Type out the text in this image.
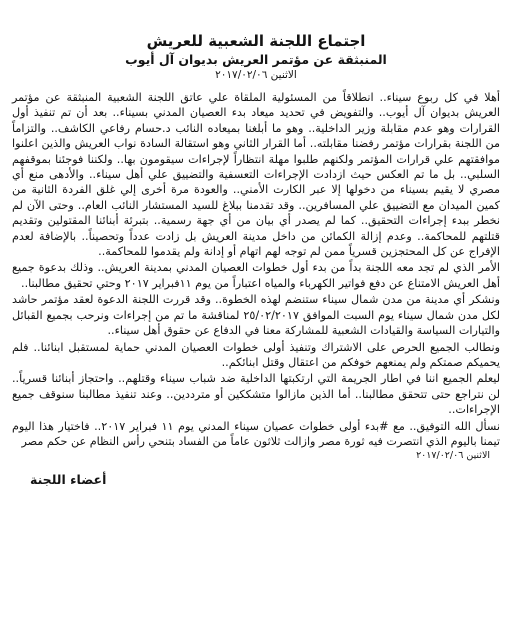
اجتماع اللجنة الشعبية للعريش

المنبثقة عن مؤتمر العريش بديوان آل أيوب

الاثنين ٢٠١٧/٠٢/٠٦

أهلا في كل ربوع سيناء.. انطلاقاً من المسئولية الملقاة علي عاتق اللجنة الشعبية المنبثقة عن مؤتمر العريش بديوان آل أيوب.. والتفويض في تحديد ميعاد بدء العصيان المدني بسيناء.. بعد أن تم تنفيذ أول القرارات وهو عدم مقابلة وزير الداخلية.. وهو ما أبلغنا بميعاده النائب د.حسام رفاعي الكاشف.. والتزاماً من اللجنة بقرارات مؤتمر رفضنا مقابلته.. أما القرار الثاني وهو استقالة السادة نواب العريش والذين اعلنوا موافقتهم علي قرارات المؤتمر ولكنهم طلبوا مهلة انتظاراً لإجراءات سيقومون بها.. ولكننا فوجئنا بموقفهم السلبي.. بل ما تم العكس حيث ازدادت الإجراءات التعسفية والتضييق علي أهل سيناء.. والأدهى منع أي مصري لا يقيم بسيناء من دخولها إلا عبر الكارت الأمني.. والعودة مرة أخرى إلي غلق الفردة الثانية من كمين الميدان مع التضييق علي المسافرين.. وقد تقدمنا ببلاغ للسيد المستشار النائب العام.. وحتى الآن لم نخطر ببدء إجراءات التحقيق.. كما لم يصدر أي بيان من أي جهة رسمية.. بتبرئة أبنائنا المقتولين وتقديم قتلتهم للمحاكمة.. وعدم إزالة الكمائن من داخل مدينة العريش بل زادت عدداً وتحصيناً.. بالإضافة لعدم الإفراج عن كل المحتجزين قسرياً ممن لم توجه لهم اتهام أو إدانة ولم يقدموا للمحاكمة..

الأمر الذي لم تجد معه اللجنة بداً من بدء أول خطوات العصيان المدني بمدينة العريش.. وذلك بدعوة جميع أهل العريش الامتناع عن دفع فواتير الكهرباء والمياه اعتباراً من يوم ١١فبراير ٢٠١٧ وحتي تحقيق مطالبنا..

ونشكر أي مدينة من مدن شمال سيناء ستنضم لهذه الخطوة.. وقد قررت اللجنة الدعوة لعقد مؤتمر حاشد لكل مدن شمال سيناء يوم السبت الموافق ٢٥/٠٢/٢٠١٧ لمناقشة ما تم من إجراءات ونرحب بجميع القبائل والتيارات السياسة والقيادات الشعبية للمشاركة معنا في الدفاع عن حقوق أهل سيناء..

ونطالب الجميع الحرص على الاشتراك وتنفيذ أولى خطوات العصيان المدني حماية لمستقبل ابنائنا.. فلم يحميكم صمتكم ولم يمنعهم خوفكم من اعتقال وقتل ابنائكم..

ليعلم الجميع اننا في اطار الجريمة التي ارتكبتها الداخلية ضد شباب سيناء وقتلهم.. واحتجاز أبنائنا قسرياً.. لن نتراجع حتى تتحقق مطالبنا.. أما الذين مازالوا متشككين أو مترددين.. وعند تنفيذ مطالبنا سنوقف جميع الإجراءات..

نسأل الله التوفيق.. مع #بدء أولى خطوات عصيان سيناء المدني يوم ١١ فبراير ٢٠١٧.. فاختيار هذا اليوم تيمنا باليوم الذي انتصرت فيه ثورة مصر وازالت ثلاثون عاماً من الفساد بتنحي رأس النظام عن حكم مصر

الاثنين ٢٠١٧/٠٢/٠٦

أعضاء اللجنة
